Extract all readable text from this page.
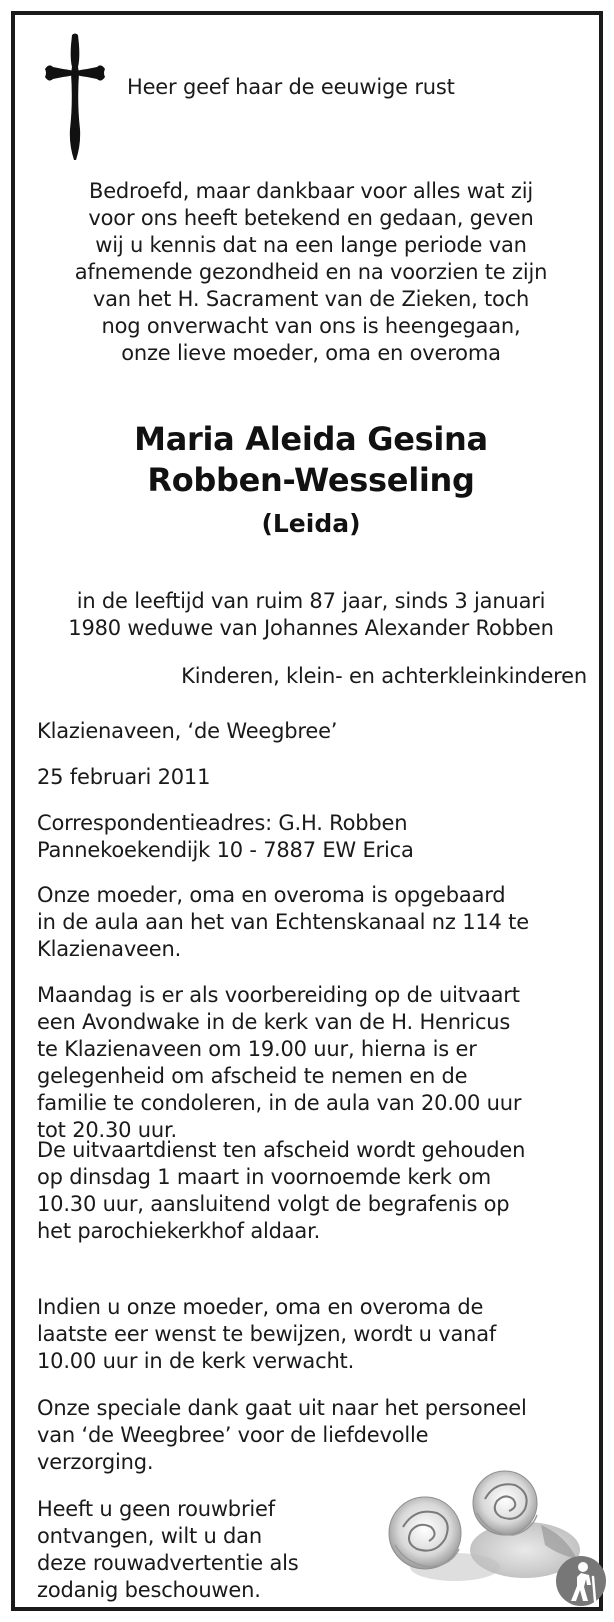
Heer geef haar de eeuwige rust
Bedroefd, maar dankbaar voor alles wat zij
voor ons heeft betekend en gedaan, geven
wij u kennis dat na een lange periode van
afnemende gezondheid en na voorzien te zijn
van het H. Sacrament van de Zieken, toch
nog onverwacht van ons is heengegaan,
onze lieve moeder, oma en overoma
Maria Aleida Gesina
Robben-Wesseling
(Leida)
in de leeftijd van ruim 87 jaar, sinds 3 januari
1980 weduwe van Johannes Alexander Robben
Kinderen, klein- en achterkleinkinderen
Klazienaveen, ‘de Weegbree’
25 februari 2011
Correspondentieadres: G.H. Robben
Pannekoekendijk 10 - 7887 EW Erica
Onze moeder, oma en overoma is opgebaard
in de aula aan het van Echtenskanaal nz 114 te
Klazienaveen.
Maandag is er als voorbereiding op de uitvaart
een Avondwake in de kerk van de H. Henricus
te Klazienaveen om 19.00 uur, hierna is er
gelegenheid om afscheid te nemen en de
familie te condoleren, in de aula van 20.00 uur
tot 20.30 uur.
De uitvaartdienst ten afscheid wordt gehouden
op dinsdag 1 maart in voornoemde kerk om
10.30 uur, aansluitend volgt de begrafenis op
het parochiekerkhof aldaar.
Indien u onze moeder, oma en overoma de
laatste eer wenst te bewijzen, wordt u vanaf
10.00 uur in de kerk verwacht.
Onze speciale dank gaat uit naar het personeel
van ‘de Weegbree’ voor de liefdevolle
verzorging.
Heeft u geen rouwbrief
ontvangen, wilt u dan
deze rouwadvertentie als
zodanig beschouwen.
